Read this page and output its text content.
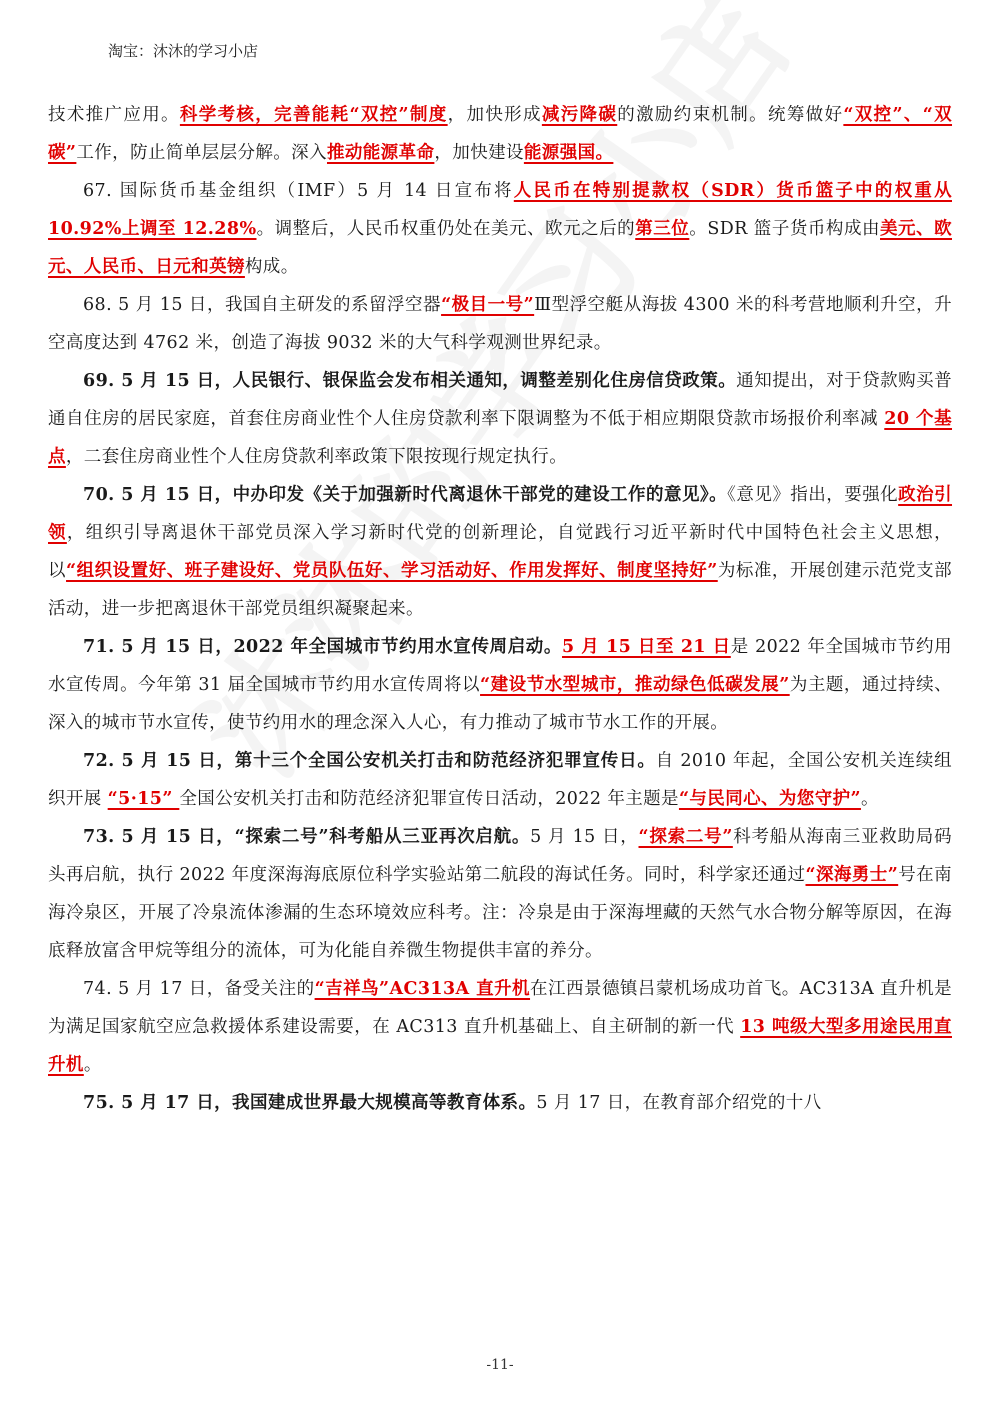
淘宝：沐沐的学习小店

技术推广应用。科学考核，完善能耗“双控”制度，加快形成减污降碳的激励约束机制。统筹做好“双控”、“双碳”工作，防止简单层层分解。深入推动能源革命，加快建设能源强国。

67. 国际货币基金组织（IMF）5 月 14 日宣布将人民币在特别提款权（SDR）货币篮子中的权重从 10.92%上调至 12.28%。调整后，人民币权重仍处在美元、欧元之后的第三位。SDR 篮子货币构成由美元、欧元、人民币、日元和英镑构成。

68. 5 月 15 日，我国自主研发的系留浮空器“极目一号”Ⅲ型浮空艇从海拔 4300 米的科考营地顺利升空，升空高度达到 4762 米，创造了海拔 9032 米的大气科学观测世界纪录。

69. 5 月 15 日，人民银行、银保监会发布相关通知，调整差别化住房信贷政策。通知提出，对于贷款购买普通自住房的居民家庭，首套住房商业性个人住房贷款利率下限调整为不低于相应期限贷款市场报价利率减 20 个基点，二套住房商业性个人住房贷款利率政策下限按现行规定执行。

70. 5 月 15 日，中办印发《关于加强新时代离退休干部党的建设工作的意见》。《意见》指出，要强化政治引领，组织引导离退休干部党员深入学习新时代党的创新理论，自觉践行习近平新时代中国特色社会主义思想，以“组织设置好、班子建设好、党员队伍好、学习活动好、作用发挥好、制度坚持好”为标准，开展创建示范党支部活动，进一步把离退休干部党员组织凝聚起来。

71. 5 月 15 日，2022 年全国城市节约用水宣传周启动。5 月 15 日至 21 日是 2022 年全国城市节约用水宣传周。今年第 31 届全国城市节约用水宣传周将以“建设节水型城市，推动绿色低碳发展”为主题，通过持续、深入的城市节水宣传，使节约用水的理念深入人心，有力推动了城市节水工作的开展。

72. 5 月 15 日，第十三个全国公安机关打击和防范经济犯罪宣传日。自 2010 年起，全国公安机关连续组织开展 “5·15” 全国公安机关打击和防范经济犯罪宣传日活动，2022 年主题是“与民同心、为您守护”。

73. 5 月 15 日，“探索二号”科考船从三亚再次启航。5 月 15 日，“探索二号”科考船从海南三亚救助局码头再启航，执行 2022 年度深海海底原位科学实验站第二航段的海试任务。同时，科学家还通过“深海勇士”号在南海冷泉区，开展了冷泉流体渗漏的生态环境效应科考。注：冷泉是由于深海埋藏的天然气水合物分解等原因，在海底释放富含甲烷等组分的流体，可为化能自养微生物提供丰富的养分。

74. 5 月 17 日，备受关注的“吉祥鸟”AC313A 直升机在江西景德镇吕蒙机场成功首飞。AC313A 直升机是为满足国家航空应急救援体系建设需要，在 AC313 直升机基础上、自主研制的新一代 13 吨级大型多用途民用直升机。

75. 5 月 17 日，我国建成世界最大规模高等教育体系。5 月 17 日，在教育部介绍党的十八

-11-
